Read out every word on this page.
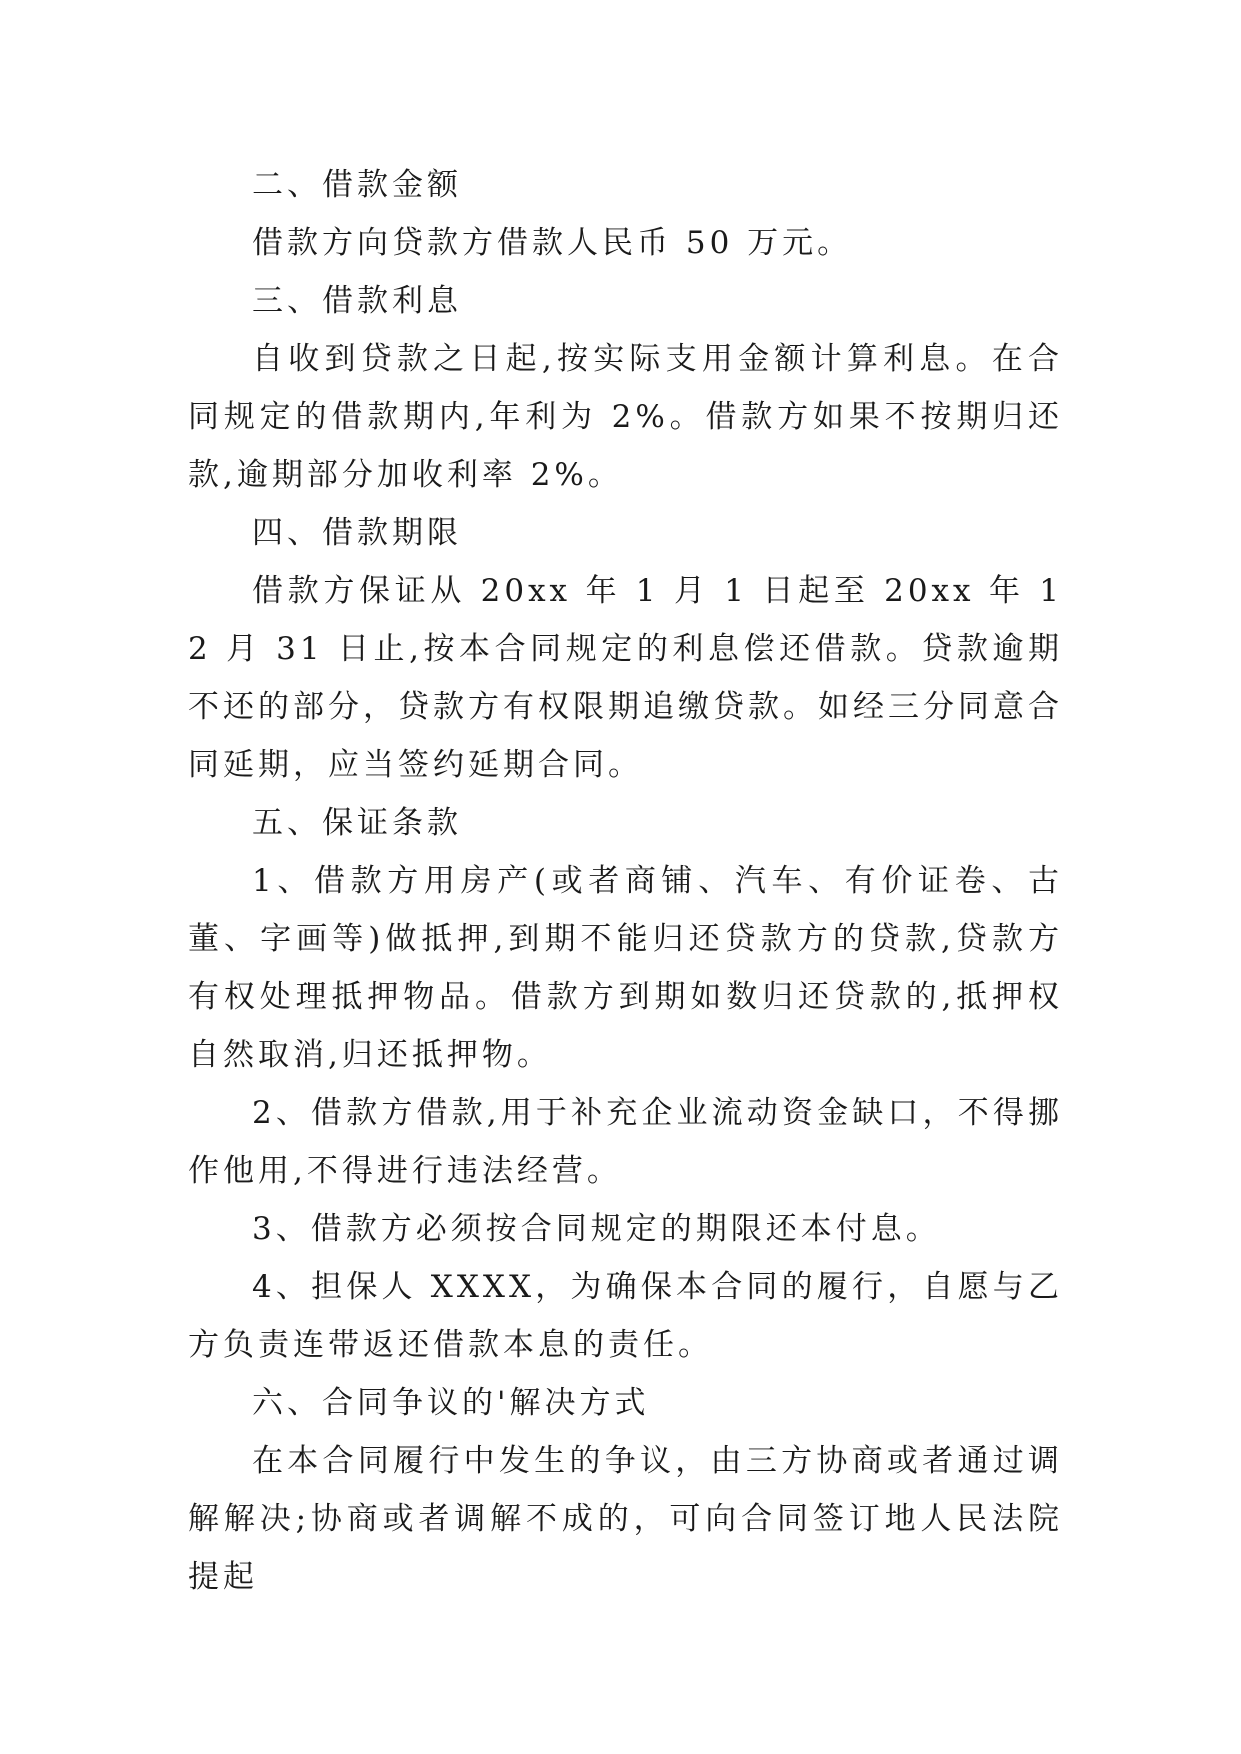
二、借款金额

借款方向贷款方借款人民币 50 万元。

三、借款利息

自收到贷款之日起,按实际支用金额计算利息。在合同规定的借款期内,年利为 2%。借款方如果不按期归还款,逾期部分加收利率 2%。

四、借款期限

借款方保证从 20xx 年 1 月 1 日起至 20xx 年 12 月 31 日止,按本合同规定的利息偿还借款。贷款逾期不还的部分，贷款方有权限期追缴贷款。如经三分同意合同延期，应当签约延期合同。

五、保证条款

1、借款方用房产(或者商铺、汽车、有价证卷、古董、字画等)做抵押,到期不能归还贷款方的贷款,贷款方有权处理抵押物品。借款方到期如数归还贷款的,抵押权自然取消,归还抵押物。

2、借款方借款,用于补充企业流动资金缺口，不得挪作他用,不得进行违法经营。

3、借款方必须按合同规定的期限还本付息。

4、担保人 XXXX，为确保本合同的履行，自愿与乙方负责连带返还借款本息的责任。

六、合同争议的'解决方式

在本合同履行中发生的争议，由三方协商或者通过调解解决;协商或者调解不成的，可向合同签订地人民法院提起
